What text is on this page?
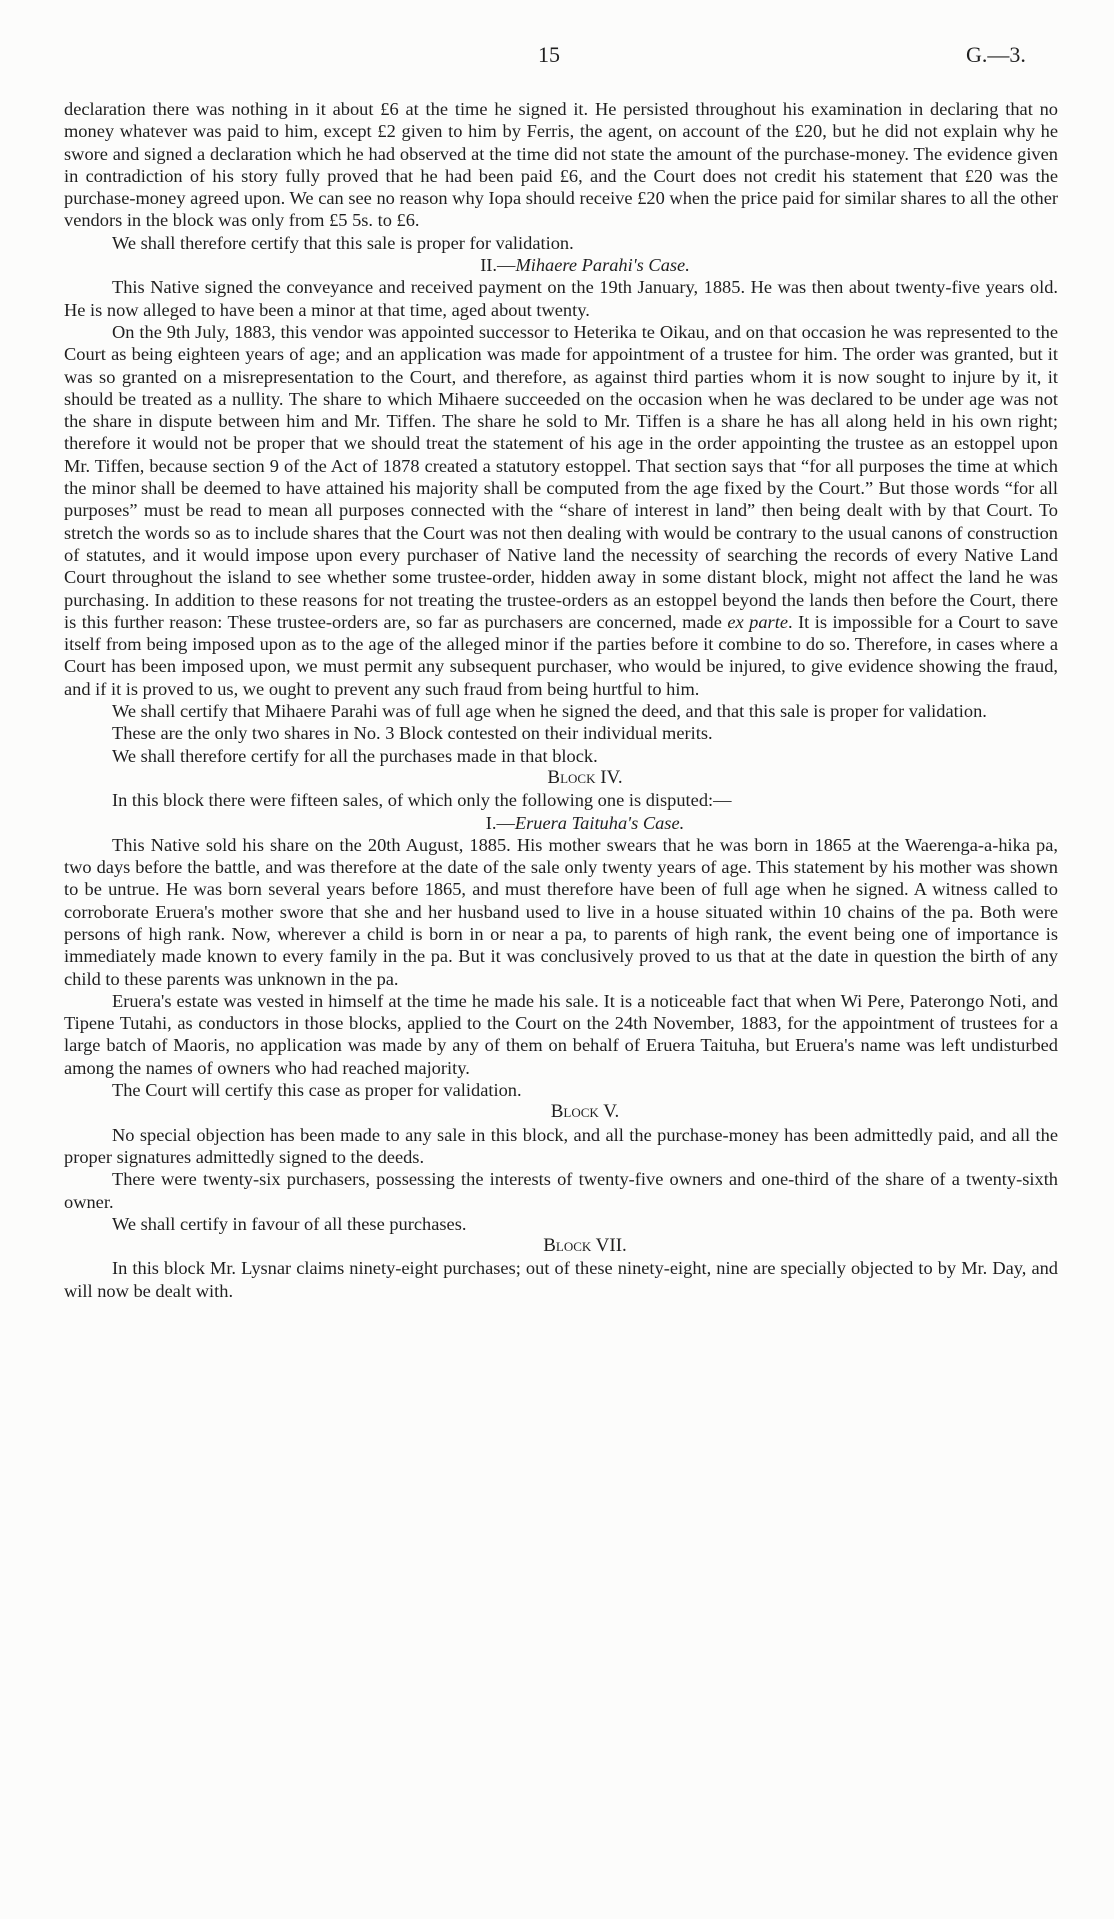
15	G.—3.

declaration there was nothing in it about £6 at the time he signed it. He persisted throughout his examination in declaring that no money whatever was paid to him, except £2 given to him by Ferris, the agent, on account of the £20, but he did not explain why he swore and signed a declaration which he had observed at the time did not state the amount of the purchase-money. The evidence given in contradiction of his story fully proved that he had been paid £6, and the Court does not credit his statement that £20 was the purchase-money agreed upon. We can see no reason why Iopa should receive £20 when the price paid for similar shares to all the other vendors in the block was only from £5 5s. to £6.

We shall therefore certify that this sale is proper for validation.

II.—Mihaere Parahi's Case.

This Native signed the conveyance and received payment on the 19th January, 1885. He was then about twenty-five years old. He is now alleged to have been a minor at that time, aged about twenty.

On the 9th July, 1883, this vendor was appointed successor to Heterika te Oikau, and on that occasion he was represented to the Court as being eighteen years of age; and an application was made for appointment of a trustee for him. The order was granted, but it was so granted on a misrepresentation to the Court, and therefore, as against third parties whom it is now sought to injure by it, it should be treated as a nullity. The share to which Mihaere succeeded on the occasion when he was declared to be under age was not the share in dispute between him and Mr. Tiffen. The share he sold to Mr. Tiffen is a share he has all along held in his own right; therefore it would not be proper that we should treat the statement of his age in the order appointing the trustee as an estoppel upon Mr. Tiffen, because section 9 of the Act of 1878 created a statutory estoppel. That section says that “for all purposes the time at which the minor shall be deemed to have attained his majority shall be computed from the age fixed by the Court.” But those words “for all purposes” must be read to mean all purposes connected with the “share of interest in land” then being dealt with by that Court. To stretch the words so as to include shares that the Court was not then dealing with would be contrary to the usual canons of construction of statutes, and it would impose upon every purchaser of Native land the necessity of searching the records of every Native Land Court throughout the island to see whether some trustee-order, hidden away in some distant block, might not affect the land he was purchasing. In addition to these reasons for not treating the trustee-orders as an estoppel beyond the lands then before the Court, there is this further reason: These trustee-orders are, so far as purchasers are concerned, made ex parte. It is impossible for a Court to save itself from being imposed upon as to the age of the alleged minor if the parties before it combine to do so. Therefore, in cases where a Court has been imposed upon, we must permit any subsequent purchaser, who would be injured, to give evidence showing the fraud, and if it is proved to us, we ought to prevent any such fraud from being hurtful to him.

We shall certify that Mihaere Parahi was of full age when he signed the deed, and that this sale is proper for validation.

These are the only two shares in No. 3 Block contested on their individual merits.

We shall therefore certify for all the purchases made in that block.

Block IV.

In this block there were fifteen sales, of which only the following one is disputed:—

I.—Eruera Taituha's Case.

This Native sold his share on the 20th August, 1885. His mother swears that he was born in 1865 at the Waerenga-a-hika pa, two days before the battle, and was therefore at the date of the sale only twenty years of age. This statement by his mother was shown to be untrue. He was born several years before 1865, and must therefore have been of full age when he signed. A witness called to corroborate Eruera's mother swore that she and her husband used to live in a house situated within 10 chains of the pa. Both were persons of high rank. Now, wherever a child is born in or near a pa, to parents of high rank, the event being one of importance is immediately made known to every family in the pa. But it was conclusively proved to us that at the date in question the birth of any child to these parents was unknown in the pa.

Eruera's estate was vested in himself at the time he made his sale. It is a noticeable fact that when Wi Pere, Paterongo Noti, and Tipene Tutahi, as conductors in those blocks, applied to the Court on the 24th November, 1883, for the appointment of trustees for a large batch of Maoris, no application was made by any of them on behalf of Eruera Taituha, but Eruera's name was left undisturbed among the names of owners who had reached majority.

The Court will certify this case as proper for validation.

Block V.

No special objection has been made to any sale in this block, and all the purchase-money has been admittedly paid, and all the proper signatures admittedly signed to the deeds.

There were twenty-six purchasers, possessing the interests of twenty-five owners and one-third of the share of a twenty-sixth owner.

We shall certify in favour of all these purchases.

Block VII.

In this block Mr. Lysnar claims ninety-eight purchases; out of these ninety-eight, nine are specially objected to by Mr. Day, and will now be dealt with.
